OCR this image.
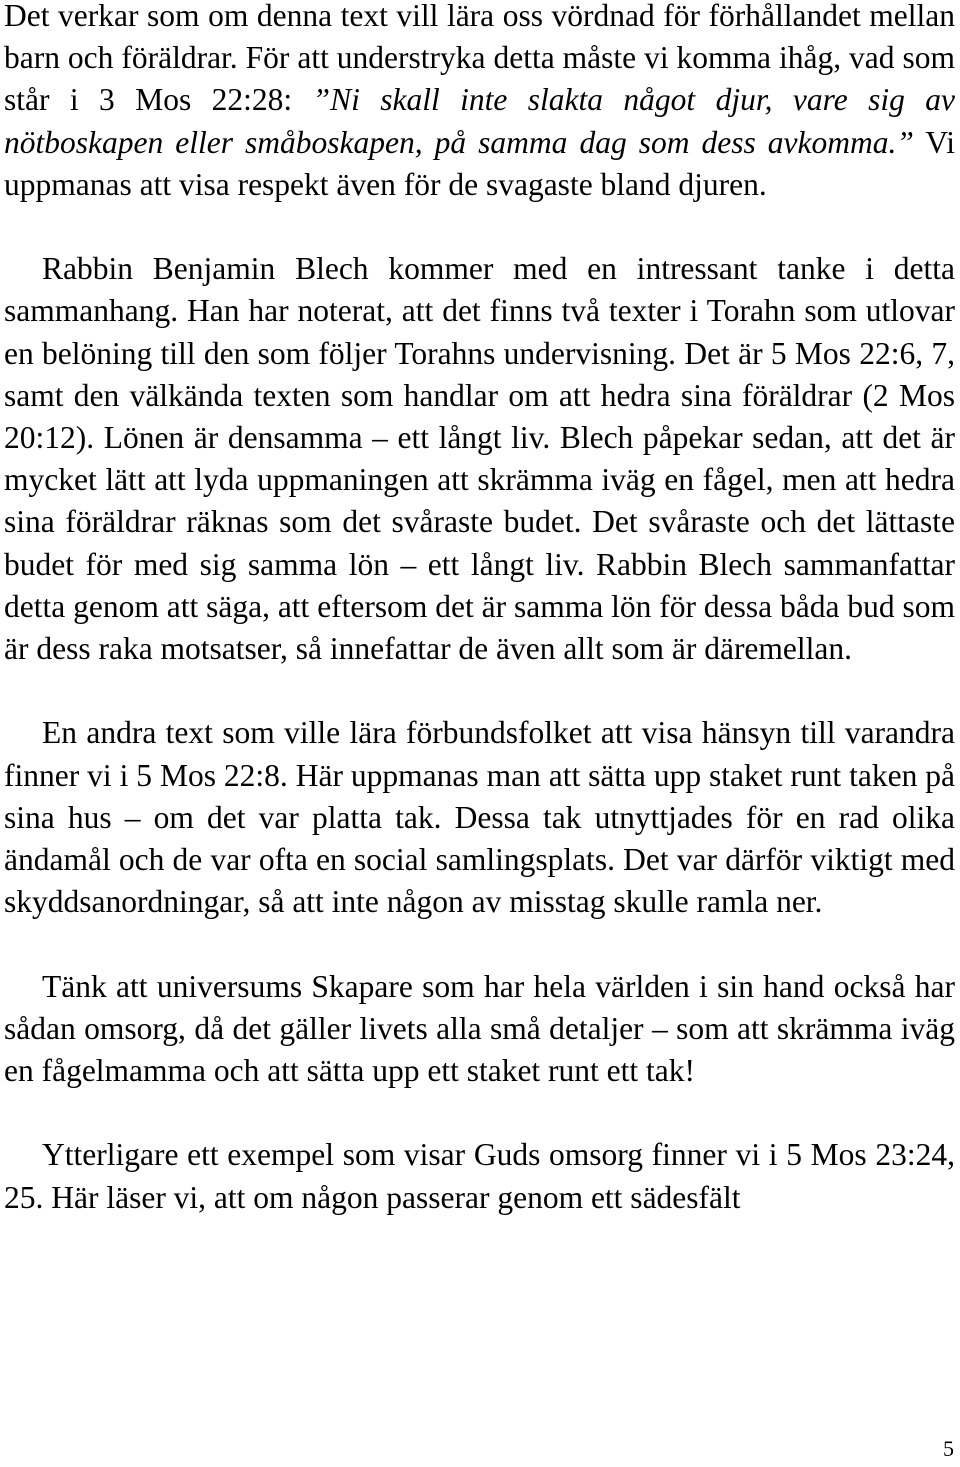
Det verkar som om denna text vill lära oss vördnad för förhållandet mellan barn och föräldrar. För att understryka detta måste vi komma ihåg, vad som står i 3 Mos 22:28: ”Ni skall inte slakta något djur, vare sig av nötboskapen eller småboskapen, på samma dag som dess avkomma.” Vi uppmanas att visa respekt även för de svagaste bland djuren.

Rabbin Benjamin Blech kommer med en intressant tanke i detta sammanhang. Han har noterat, att det finns två texter i Torahn som utlovar en belöning till den som följer Torahns undervisning. Det är 5 Mos 22:6, 7, samt den välkända texten som handlar om att hedra sina föräldrar (2 Mos 20:12). Lönen är densamma – ett långt liv. Blech påpekar sedan, att det är mycket lätt att lyda uppmaningen att skrämma iväg en fågel, men att hedra sina föräldrar räknas som det svåraste budet. Det svåraste och det lättaste budet för med sig samma lön – ett långt liv. Rabbin Blech sammanfattar detta genom att säga, att eftersom det är samma lön för dessa båda bud som är dess raka motsatser, så innefattar de även allt som är däremellan.

En andra text som ville lära förbundsfolket att visa hänsyn till varandra finner vi i 5 Mos 22:8. Här uppmanas man att sätta upp staket runt taken på sina hus – om det var platta tak. Dessa tak utnyttjades för en rad olika ändamål och de var ofta en social samlingsplats. Det var därför viktigt med skyddsanordningar, så att inte någon av misstag skulle ramla ner.

Tänk att universums Skapare som har hela världen i sin hand också har sådan omsorg, då det gäller livets alla små detaljer – som att skrämma iväg en fågelmamma och att sätta upp ett staket runt ett tak!

Ytterligare ett exempel som visar Guds omsorg finner vi i 5 Mos 23:24, 25. Här läser vi, att om någon passerar genom ett sädesfält

5
